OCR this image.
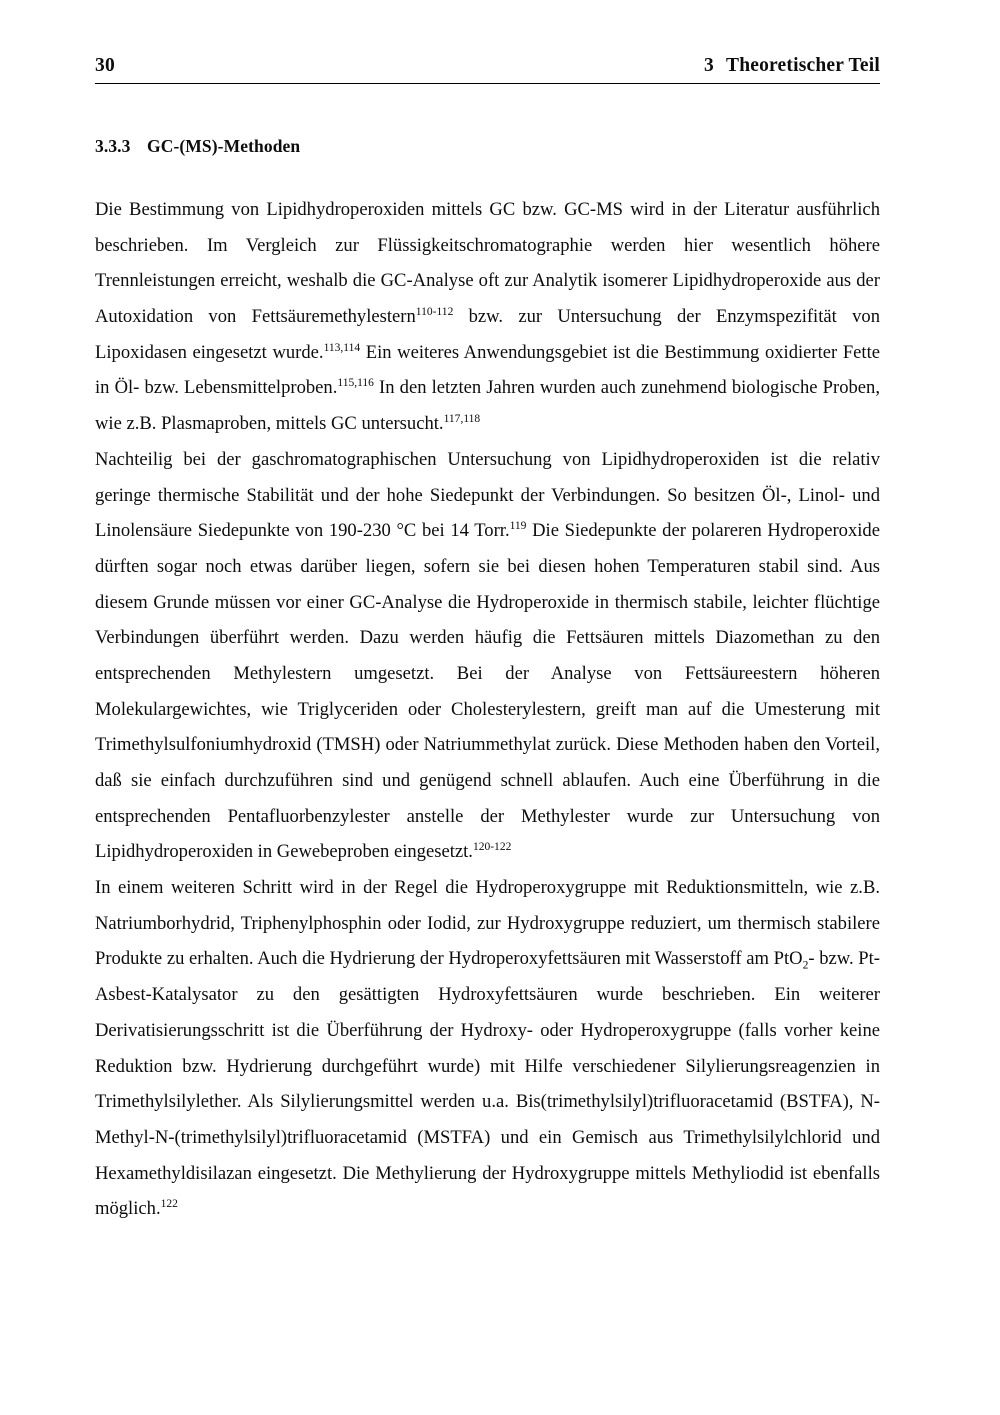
30	3 Theoretischer Teil
3.3.3 GC-(MS)-Methoden

Die Bestimmung von Lipidhydroperoxiden mittels GC bzw. GC-MS wird in der Literatur ausführlich beschrieben. Im Vergleich zur Flüssigkeitschromatographie werden hier wesentlich höhere Trennleistungen erreicht, weshalb die GC-Analyse oft zur Analytik isomerer Lipidhydroperoxide aus der Autoxidation von Fettsäuremethylestern$^{110-112}$ bzw. zur Untersuchung der Enzymspezifität von Lipoxidasen eingesetzt wurde.$^{113,114}$ Ein weiteres Anwendungsgebiet ist die Bestimmung oxidierter Fette in Öl- bzw. Lebensmittelproben.$^{115,116}$ In den letzten Jahren wurden auch zunehmend biologische Proben, wie z.B. Plasmaproben, mittels GC untersucht.$^{117,118}$

Nachteilig bei der gaschromatographischen Untersuchung von Lipidhydroperoxiden ist die relativ geringe thermische Stabilität und der hohe Siedepunkt der Verbindungen. So besitzen Öl-, Linol- und Linolensäure Siedepunkte von 190-230 °C bei 14 Torr.$^{119}$ Die Siedepunkte der polareren Hydroperoxide dürften sogar noch etwas darüber liegen, sofern sie bei diesen hohen Temperaturen stabil sind. Aus diesem Grunde müssen vor einer GC-Analyse die Hydroperoxide in thermisch stabile, leichter flüchtige Verbindungen überführt werden. Dazu werden häufig die Fettsäuren mittels Diazomethan zu den entsprechenden Methylestern umgesetzt. Bei der Analyse von Fettsäureestern höheren Molekulargewichtes, wie Triglyceriden oder Cholesterylestern, greift man auf die Umesterung mit Trimethylsulfoniumhydroxid (TMSH) oder Natriummethylat zurück. Diese Methoden haben den Vorteil, daß sie einfach durchzuführen sind und genügend schnell ablaufen. Auch eine Überführung in die entsprechenden Pentafluorbenzylester anstelle der Methylester wurde zur Untersuchung von Lipidhydroperoxiden in Gewebeproben eingesetzt.$^{120-122}$

In einem weiteren Schritt wird in der Regel die Hydroperoxygruppe mit Reduktionsmitteln, wie z.B. Natriumborhydrid, Triphenylphosphin oder Iodid, zur Hydroxygruppe reduziert, um thermisch stabilere Produkte zu erhalten. Auch die Hydrierung der Hydroperoxyfettsäuren mit Wasserstoff am PtO$_2$- bzw. Pt-Asbest-Katalysator zu den gesättigten Hydroxyfettsäuren wurde beschrieben. Ein weiterer Derivatisierungsschritt ist die Überführung der Hydroxy- oder Hydroperoxygruppe (falls vorher keine Reduktion bzw. Hydrierung durchgeführt wurde) mit Hilfe verschiedener Silylierungsreagenzien in Trimethylsilylether. Als Silylierungsmittel werden u.a. Bis(trimethylsilyl)trifluoracetamid (BSTFA), N-Methyl-N-(trimethylsilyl)trifluoracetamid (MSTFA) und ein Gemisch aus Trimethylsilylchlorid und Hexamethyldisilazan eingesetzt. Die Methylierung der Hydroxygruppe mittels Methyliodid ist ebenfalls möglich.$^{122}$
